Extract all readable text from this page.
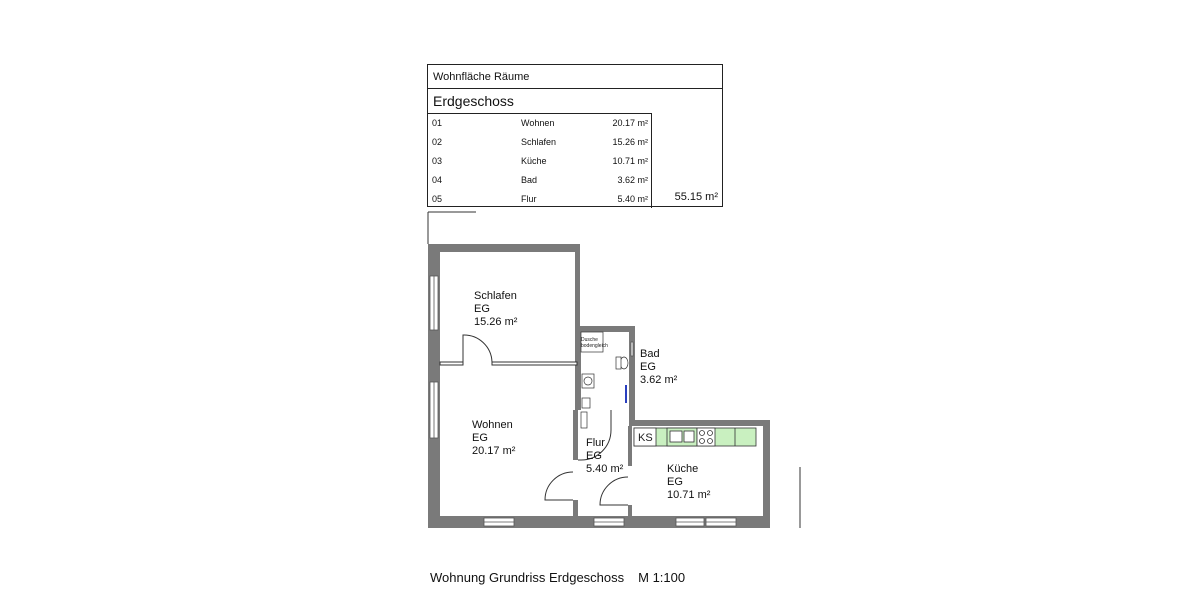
Wohnfläche Räume
Erdgeschoss
01	Wohnen	20.17 m²
02	Schlafen	15.26 m²
03	Küche	10.71 m²
04	Bad	3.62 m²
05	Flur	5.40 m² 55.15 m²
Dusche
bodengleich
KS
Schlafen
EG
15.26 m²
Wohnen
EG
20.17 m²
Bad
EG
3.62 m²
Flur
EG
5.40 m²	Küche
EG
10.71 m²
Wohnung Grundriss Erdgeschoss M 1:100
